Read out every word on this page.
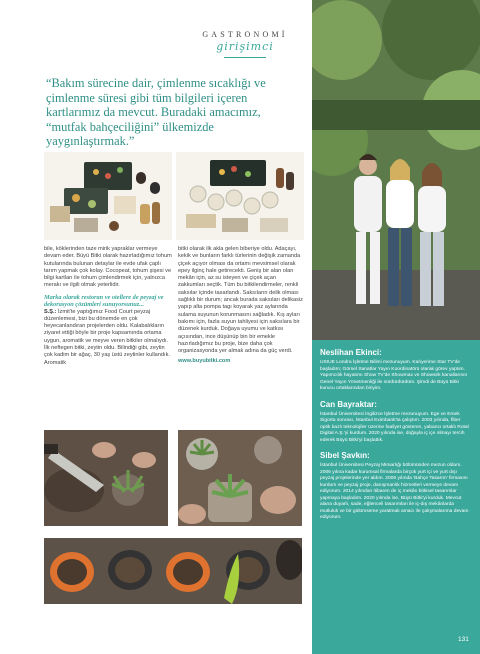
GASTRONOMİ
girişimci
“Bakım sürecine dair, çimlenme sıcaklığı ve çimlenme süresi gibi tüm bilgileri içeren kartlarımız da mevcut. Buradaki amacımız, “mutfak bahçeciliğini” ülkemizde yaygınlaştırmak.”

bile, köklerinden taze mirik yapraklar vermeye devam eder. Büyü Bitki olarak hazırladığımız tohum kutularında bulunan detaylar ile evde ufak çaplı tarım yapmak çok kolay. Cocopeat, tohum şişesi ve bilgi kartları ile tohum çimlendirmek için, yalnızca merakı ve ilgili olmak yeterlidir.

Marka olarak restoran ve otellere de peyzaj ve dekorasyon çözümleri sunuyorsunuz...

S.Ş.: İzmit'te yaptığımız Food Court peyzaj düzenlemesi, bizi bu dönemde en çok heyecanlandıran projelerden oldu. Kalabalıkların ziyaret ettiği böyle bir proje kapsamında ortama uygun, aromatik ve meyve veren bitkiler olmalıydı. İlk neftegen bitki, zeytin oldu. Bilindiği gibi, zeytin çok kadim bir ağaç, 30 yaş üstü zeytinler kullandık. Aromatik

bitki olarak ilk akla gelen biberiye oldu. Adaçayı, kekik ve bunların farklı türlerinin değişik zamanda çiçek açıyor olması da ortamı mevsimsel olarak epey ilginç hale getirecekti. Geniş bir alan olan mekân için, az su isteyen ve çiçek açan zakkumları seçtik. Tüm bu bitkilendirmeler, renkli saksılar içinde tasarlandı. Saksıların delik olması sağlıklı bir durum; ancak burada saksıları delikasiz yapıp alta pompa tagı koyarak yaz aylarında sulama suyunun korunmasını sağladık. Kış ayları bakımı için, fazla suyun tahliyesi için saksılara bir düzenek kurduk. Doğaya uyumu ve katkısı açısından, ince düşünüp bin bir emekle hazırladığımız bu proje, bize daha çok organizasyonda yer almak adına da güç verdi.

www.buyubitki.com

Neslihan Ekinci:
USIUE Londra İşletme Bilimi mezunuyum. Kariyerime Star TV'de başladım; Görsel Sanatlar Yayın Koordinatörü olarak görev yaptım. Yapımcılık hayatımı Show TV'de Showmax ve Showsirk kanallarının Genel Yayın Yönetmenliği ile sürdürdürdüm. Şimdi de Büyü Bitki kurucu ortaklarından biriyim.
Can Bayraktar:
İstanbul Üniversitesi İngilizce İşletme mezunuyum. Ege ve Emek Sigorta sonrası, İstanbul Eximbank'ta çalıştım. 2003 yılında, fiber optik bazlı teknolojiler üzerine faaliyet gösteren, yabancı ortaklı Rotal Digital A.Ş.'yi kurdum. 2020 yılında ise, doğayla iç içe olmayı tercih ederek Büyü Bitki'yi başlattık.
Sibel Şavkın:
İstanbul Üniversitesi Peyzaj Mimarlığı bölümünden mezun oldum. 2006 yılına kadar kurumsal firmalarda birçok yurt içi ve yurt dışı peyzaj projelerinde yer aldım. 2006 yılında 'Bahçe Tasarım' firmasını kurdum ve peyzaj proje, danışmanlık hizmetleri vermeye devam ediyorum. 2014 yılından itibaren de iç mekân bitkisel tasarımlar yapmaya başladım. 2020 yılında ise, Büyü Bitki'yi kurduk. Mevcut alana duyarlı, sade, eğlenceli tasarımları ile iç-dış mekânlarda mutluluk ve bir gülümseme yaratmak amacı ile çalışmalarıma devam ediyorum.
131
